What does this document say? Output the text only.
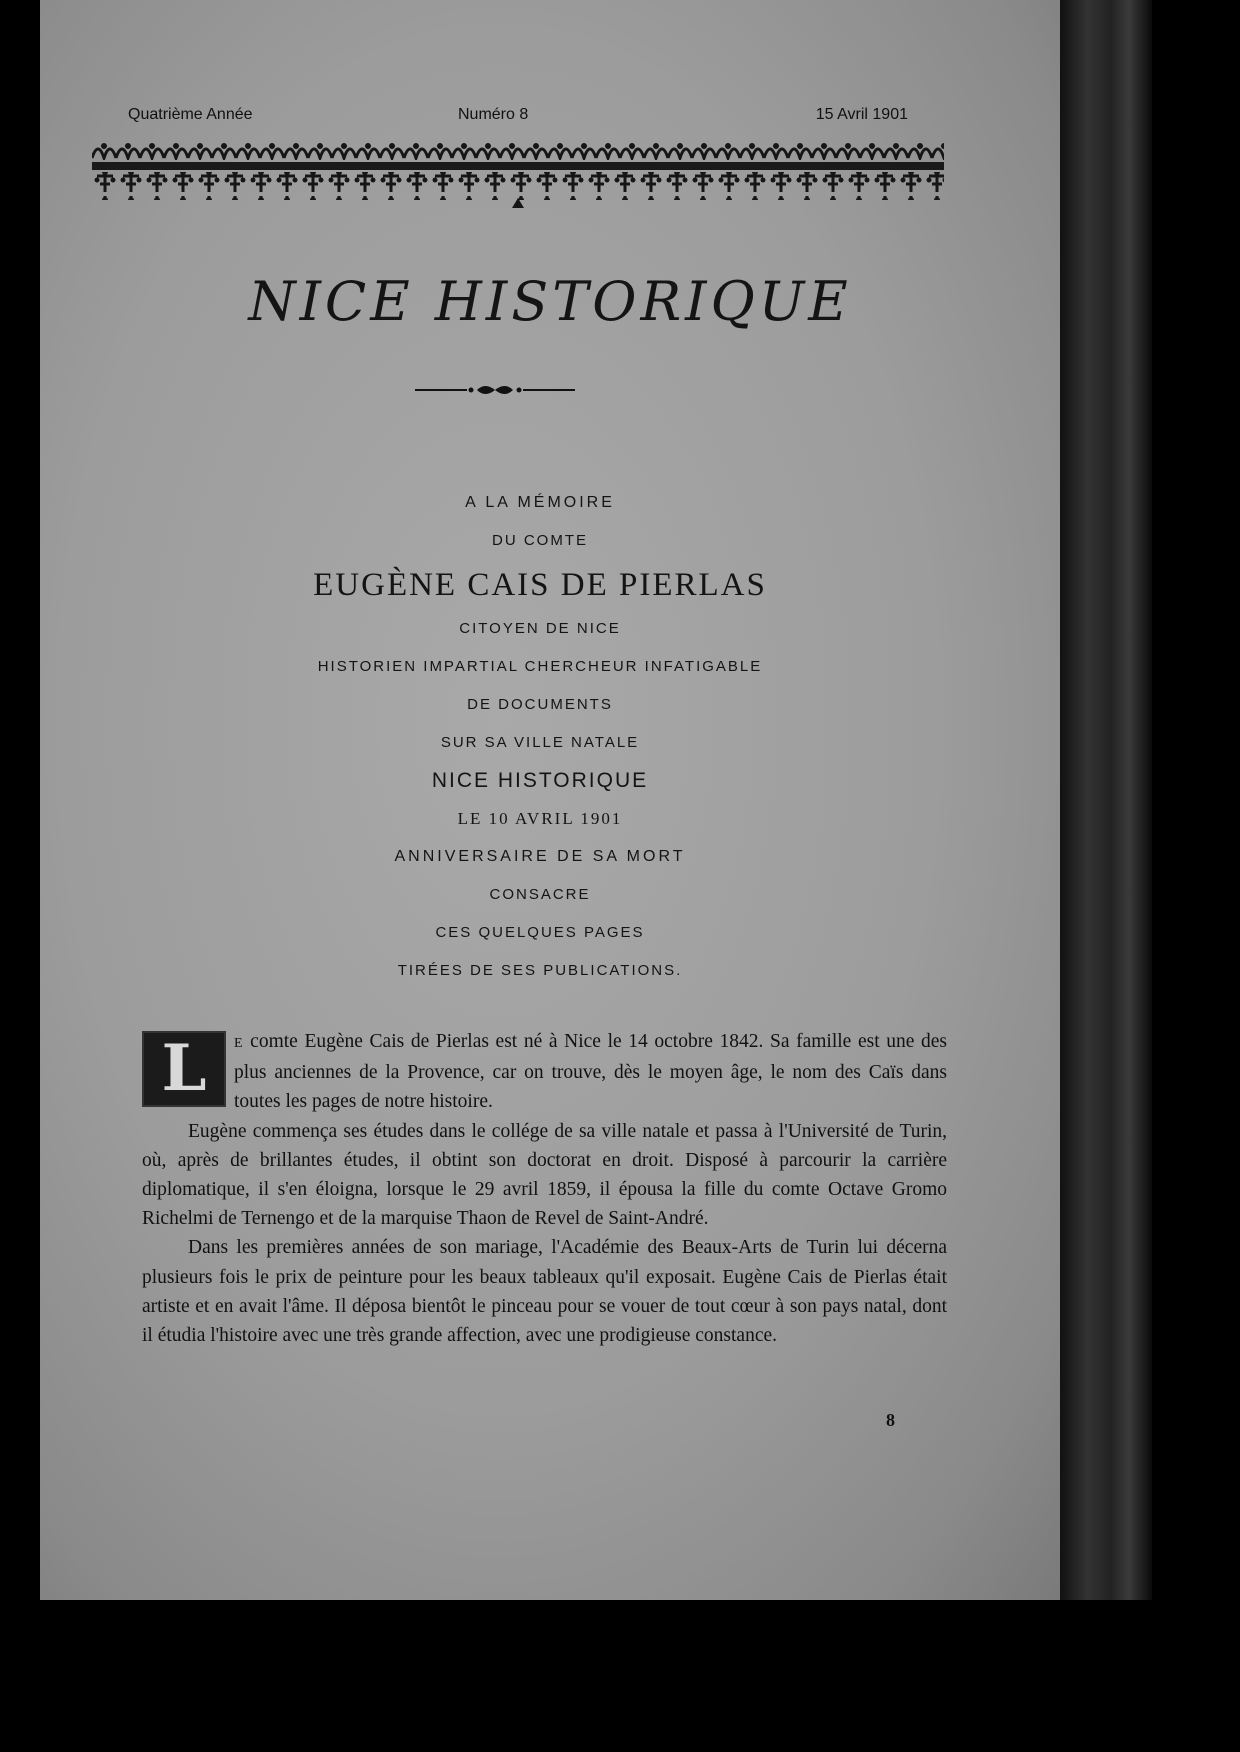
Quatrième Année	Numéro 8	15 Avril 1901
NICE HISTORIQUE

A LA MÉMOIRE

DU COMTE

EUGÈNE CAIS DE PIERLAS

CITOYEN DE NICE

HISTORIEN IMPARTIAL CHERCHEUR INFATIGABLE

DE DOCUMENTS

SUR SA VILLE NATALE

NICE HISTORIQUE

LE 10 AVRIL 1901

ANNIVERSAIRE DE SA MORT

CONSACRE

CES QUELQUES PAGES

TIRÉES DE SES PUBLICATIONS.

L	E comte Eugène Cais de Pierlas est né à Nice le 14 octobre 1842. Sa famille est une des plus anciennes de la Provence, car on trouve, dès le moyen âge, le nom des Caïs dans toutes les pages de notre histoire.

Eugène commença ses études dans le collége de sa ville natale et passa à l'Université de Turin, où, après de brillantes études, il obtint son doctorat en droit. Disposé à parcourir la carrière diplomatique, il s'en éloigna, lorsque le 29 avril 1859, il épousa la fille du comte Octave Gromo Richelmi de Ternengo et de la marquise Thaon de Revel de Saint-André.

Dans les premières années de son mariage, l'Académie des Beaux-Arts de Turin lui décerna plusieurs fois le prix de peinture pour les beaux tableaux qu'il exposait. Eugène Cais de Pierlas était artiste et en avait l'âme. Il déposa bientôt le pinceau pour se vouer de tout cœur à son pays natal, dont il étudia l'histoire avec une très grande affection, avec une prodigieuse constance.

8
